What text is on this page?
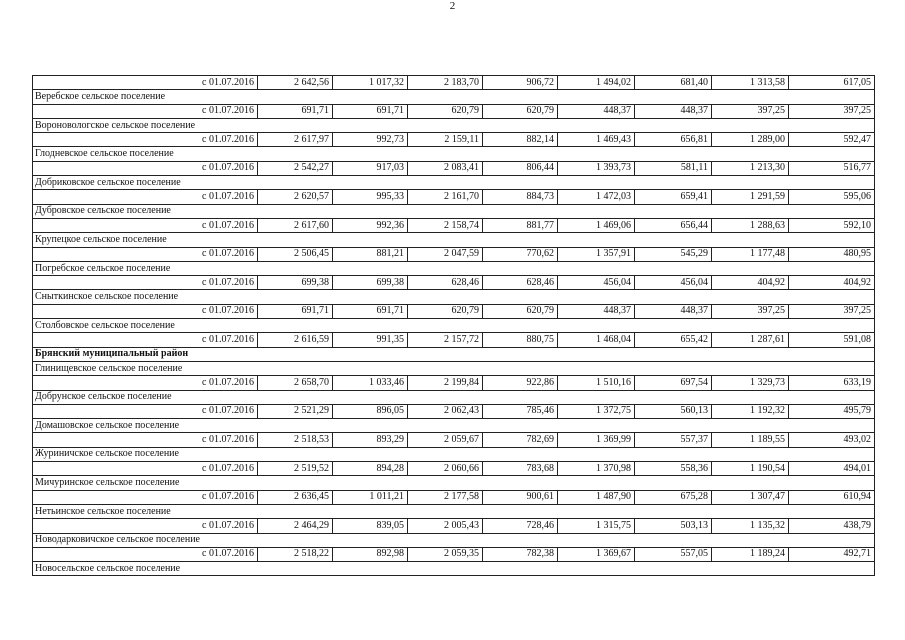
2
с 01.07.2016	2 642,56	1 017,32	2 183,70	906,72	1 494,02	681,40	1 313,58	617,05
Веребское сельское поселение								
с 01.07.2016	691,71	691,71	620,79	620,79	448,37	448,37	397,25	397,25
Вороновологское сельское поселение								
с 01.07.2016	2 617,97	992,73	2 159,11	882,14	1 469,43	656,81	1 289,00	592,47
Глодневское сельское поселение								
с 01.07.2016	2 542,27	917,03	2 083,41	806,44	1 393,73	581,11	1 213,30	516,77
Добриковское сельское поселение								
с 01.07.2016	2 620,57	995,33	2 161,70	884,73	1 472,03	659,41	1 291,59	595,06
Дубровское сельское поселение								
с 01.07.2016	2 617,60	992,36	2 158,74	881,77	1 469,06	656,44	1 288,63	592,10
Крупецкое сельское поселение								
с 01.07.2016	2 506,45	881,21	2 047,59	770,62	1 357,91	545,29	1 177,48	480,95
Погребское сельское поселение								
с 01.07.2016	699,38	699,38	628,46	628,46	456,04	456,04	404,92	404,92
Сныткинское сельское поселение								
с 01.07.2016	691,71	691,71	620,79	620,79	448,37	448,37	397,25	397,25
Столбовское сельское поселение								
с 01.07.2016	2 616,59	991,35	2 157,72	880,75	1 468,04	655,42	1 287,61	591,08
Брянский муниципальный район								
Глинищевское сельское поселение								
с 01.07.2016	2 658,70	1 033,46	2 199,84	922,86	1 510,16	697,54	1 329,73	633,19
Добрунское сельское поселение								
с 01.07.2016	2 521,29	896,05	2 062,43	785,46	1 372,75	560,13	1 192,32	495,79
Домашовское сельское поселение								
с 01.07.2016	2 518,53	893,29	2 059,67	782,69	1 369,99	557,37	1 189,55	493,02
Журиничское сельское поселение								
с 01.07.2016	2 519,52	894,28	2 060,66	783,68	1 370,98	558,36	1 190,54	494,01
Мичуринское сельское поселение								
с 01.07.2016	2 636,45	1 011,21	2 177,58	900,61	1 487,90	675,28	1 307,47	610,94
Нетьинское сельское поселение								
с 01.07.2016	2 464,29	839,05	2 005,43	728,46	1 315,75	503,13	1 135,32	438,79
Новодарковичское сельское поселение								
с 01.07.2016	2 518,22	892,98	2 059,35	782,38	1 369,67	557,05	1 189,24	492,71
Новосельское сельское поселение								
